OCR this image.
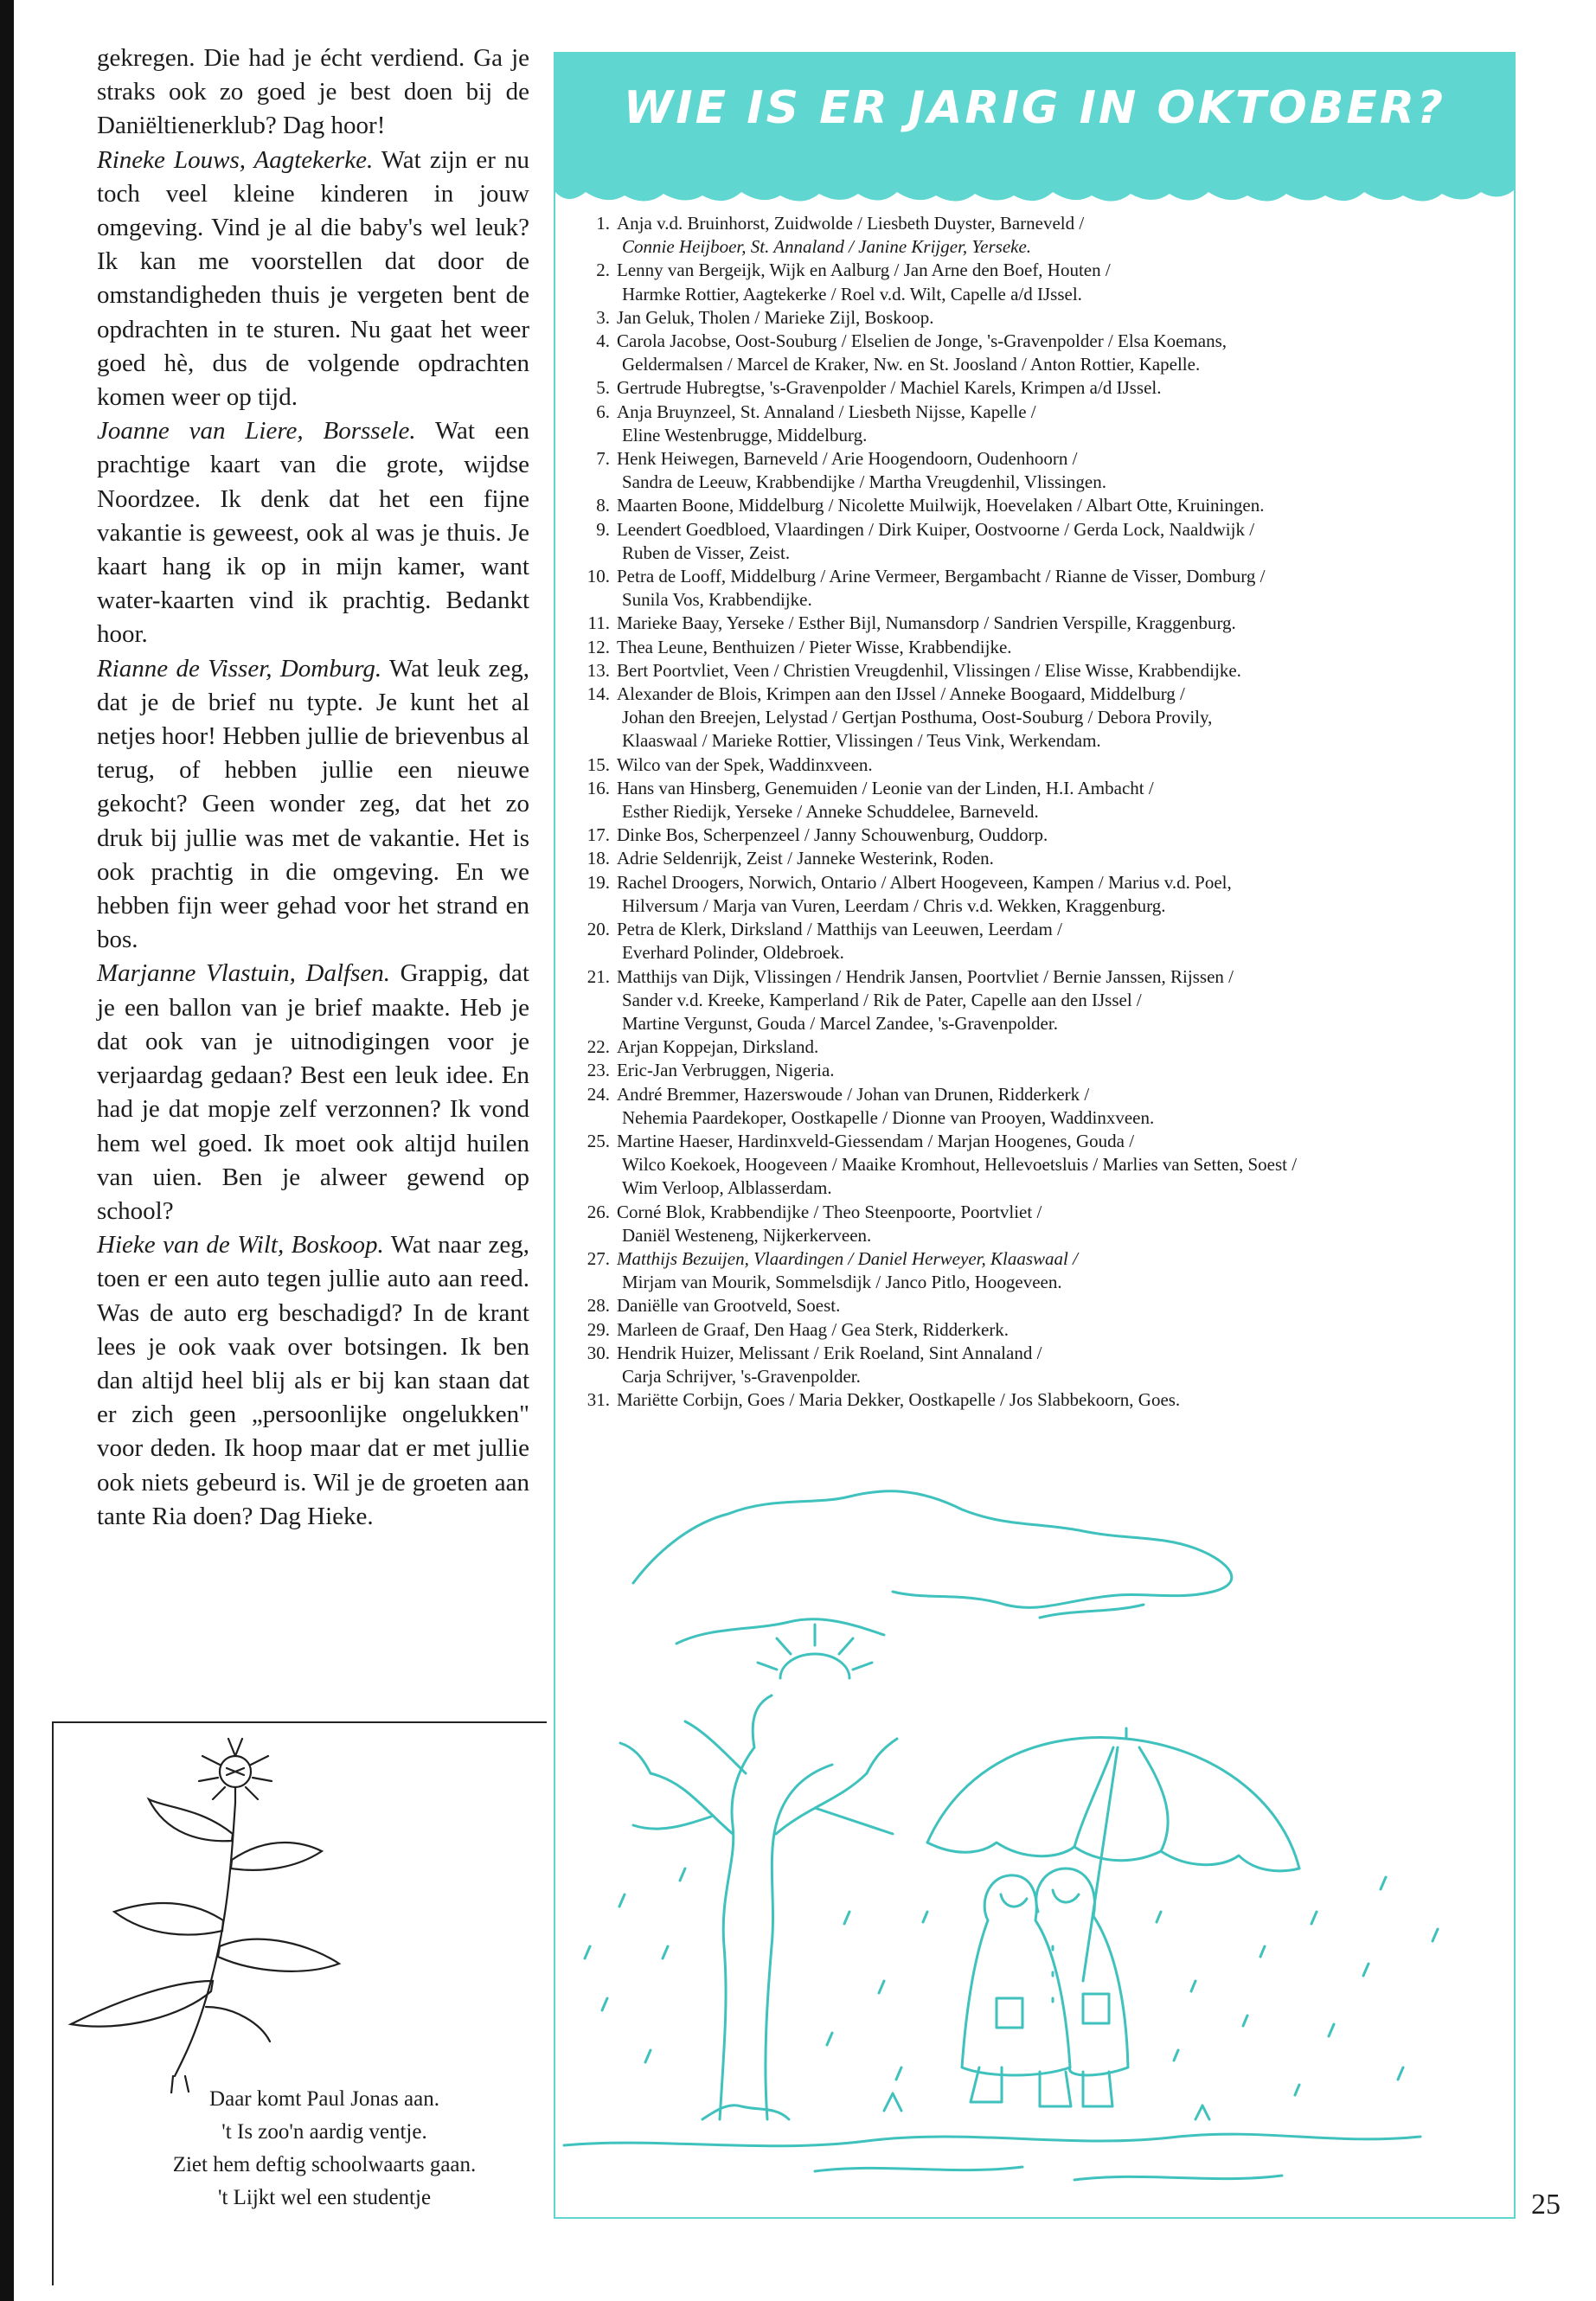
gekregen. Die had je écht verdiend. Ga je straks ook zo goed je best doen bij de Daniëltienerklub? Dag hoor!

Rineke Louws, Aagtekerke. Wat zijn er nu toch veel kleine kinderen in jouw omgeving. Vind je al die baby's wel leuk? Ik kan me voorstellen dat door de omstandigheden thuis je vergeten bent de opdrachten in te sturen. Nu gaat het weer goed hè, dus de volgende opdrachten komen weer op tijd.

Joanne van Liere, Borssele. Wat een prachtige kaart van die grote, wijdse Noordzee. Ik denk dat het een fijne vakantie is geweest, ook al was je thuis. Je kaart hang ik op in mijn kamer, want water-kaarten vind ik prachtig. Bedankt hoor.

Rianne de Visser, Domburg. Wat leuk zeg, dat je de brief nu typte. Je kunt het al netjes hoor! Hebben jullie de brievenbus al terug, of hebben jullie een nieuwe gekocht? Geen wonder zeg, dat het zo druk bij jullie was met de vakantie. Het is ook prachtig in die omgeving. En we hebben fijn weer gehad voor het strand en bos.

Marjanne Vlastuin, Dalfsen. Grappig, dat je een ballon van je brief maakte. Heb je dat ook van je uitnodigingen voor je verjaardag gedaan? Best een leuk idee. En had je dat mopje zelf verzonnen? Ik vond hem wel goed. Ik moet ook altijd huilen van uien. Ben je alweer gewend op school?

Hieke van de Wilt, Boskoop. Wat naar zeg, toen er een auto tegen jullie auto aan reed. Was de auto erg beschadigd? In de krant lees je ook vaak over botsingen. Ik ben dan altijd heel blij als er bij kan staan dat er zich geen „persoonlijke ongelukken" voor deden. Ik hoop maar dat er met jullie ook niets gebeurd is. Wil je de groeten aan tante Ria doen? Dag Hieke.

Daar komt Paul Jonas aan.
't Is zoo'n aardig ventje.
Ziet hem deftig schoolwaarts gaan.
't Lijkt wel een studentje
WIE IS ER JARIG IN OKTOBER?
1. Anja v.d. Bruinhorst, Zuidwolde / Liesbeth Duyster, Barneveld /
Connie Heijboer, St. Annaland / Janine Krijger, Yerseke.
2. Lenny van Bergeijk, Wijk en Aalburg / Jan Arne den Boef, Houten /
Harmke Rottier, Aagtekerke / Roel v.d. Wilt, Capelle a/d IJssel.
3. Jan Geluk, Tholen / Marieke Zijl, Boskoop.
4. Carola Jacobse, Oost-Souburg / Elselien de Jonge, 's-Gravenpolder / Elsa Koemans,
Geldermalsen / Marcel de Kraker, Nw. en St. Joosland / Anton Rottier, Kapelle.
5. Gertrude Hubregtse, 's-Gravenpolder / Machiel Karels, Krimpen a/d IJssel.
6. Anja Bruynzeel, St. Annaland / Liesbeth Nijsse, Kapelle /
Eline Westenbrugge, Middelburg.
7. Henk Heiwegen, Barneveld / Arie Hoogendoorn, Oudenhoorn /
Sandra de Leeuw, Krabbendijke / Martha Vreugdenhil, Vlissingen.
8. Maarten Boone, Middelburg / Nicolette Muilwijk, Hoevelaken / Albart Otte, Kruiningen.
9. Leendert Goedbloed, Vlaardingen / Dirk Kuiper, Oostvoorne / Gerda Lock, Naaldwijk /
Ruben de Visser, Zeist.
10. Petra de Looff, Middelburg / Arine Vermeer, Bergambacht / Rianne de Visser, Domburg /
Sunila Vos, Krabbendijke.
11. Marieke Baay, Yerseke / Esther Bijl, Numansdorp / Sandrien Verspille, Kraggenburg.
12. Thea Leune, Benthuizen / Pieter Wisse, Krabbendijke.
13. Bert Poortvliet, Veen / Christien Vreugdenhil, Vlissingen / Elise Wisse, Krabbendijke.
14. Alexander de Blois, Krimpen aan den IJssel / Anneke Boogaard, Middelburg /
Johan den Breejen, Lelystad / Gertjan Posthuma, Oost-Souburg / Debora Provily,
Klaaswaal / Marieke Rottier, Vlissingen / Teus Vink, Werkendam.
15. Wilco van der Spek, Waddinxveen.
16. Hans van Hinsberg, Genemuiden / Leonie van der Linden, H.I. Ambacht /
Esther Riedijk, Yerseke / Anneke Schuddelee, Barneveld.
17. Dinke Bos, Scherpenzeel / Janny Schouwenburg, Ouddorp.
18. Adrie Seldenrijk, Zeist / Janneke Westerink, Roden.
19. Rachel Droogers, Norwich, Ontario / Albert Hoogeveen, Kampen / Marius v.d. Poel,
Hilversum / Marja van Vuren, Leerdam / Chris v.d. Wekken, Kraggenburg.
20. Petra de Klerk, Dirksland / Matthijs van Leeuwen, Leerdam /
Everhard Polinder, Oldebroek.
21. Matthijs van Dijk, Vlissingen / Hendrik Jansen, Poortvliet / Bernie Janssen, Rijssen /
Sander v.d. Kreeke, Kamperland / Rik de Pater, Capelle aan den IJssel /
Martine Vergunst, Gouda / Marcel Zandee, 's-Gravenpolder.
22. Arjan Koppejan, Dirksland.
23. Eric-Jan Verbruggen, Nigeria.
24. André Bremmer, Hazerswoude / Johan van Drunen, Ridderkerk /
Nehemia Paardekoper, Oostkapelle / Dionne van Prooyen, Waddinxveen.
25. Martine Haeser, Hardinxveld-Giessendam / Marjan Hoogenes, Gouda /
Wilco Koekoek, Hoogeveen / Maaike Kromhout, Hellevoetsluis / Marlies van Setten, Soest /
Wim Verloop, Alblasserdam.
26. Corné Blok, Krabbendijke / Theo Steenpoorte, Poortvliet /
Daniël Westeneng, Nijkerkerveen.
27. Matthijs Bezuijen, Vlaardingen / Daniel Herweyer, Klaaswaal /
Mirjam van Mourik, Sommelsdijk / Janco Pitlo, Hoogeveen.
28. Daniëlle van Grootveld, Soest.
29. Marleen de Graaf, Den Haag / Gea Sterk, Ridderkerk.
30. Hendrik Huizer, Melissant / Erik Roeland, Sint Annaland /
Carja Schrijver, 's-Gravenpolder.
31. Mariëtte Corbijn, Goes / Maria Dekker, Oostkapelle / Jos Slabbekoorn, Goes.
25
